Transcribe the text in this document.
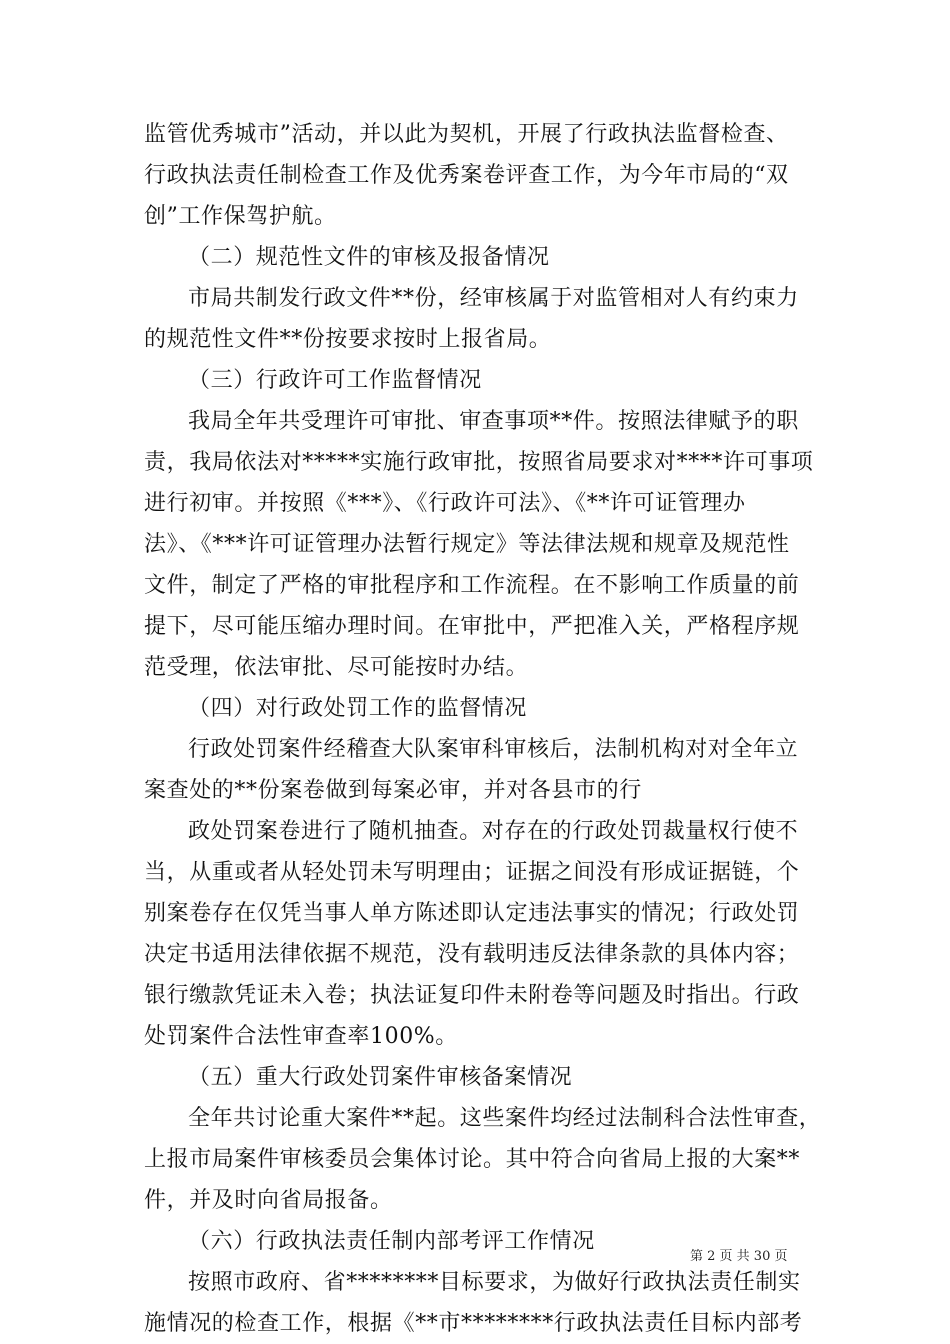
监管优秀城市”活动，并以此为契机，开展了行政执法监督检查、
行政执法责任制检查工作及优秀案卷评查工作，为今年市局的“双
创”工作保驾护航。
（二）规范性文件的审核及报备情况
市局共制发行政文件**份，经审核属于对监管相对人有约束力
的规范性文件**份按要求按时上报省局。
（三）行政许可工作监督情况
我局全年共受理许可审批、审查事项**件。按照法律赋予的职
责，我局依法对*****实施行政审批，按照省局要求对****许可事项
进行初审。并按照《***》、《行政许可法》、《**许可证管理办
法》、《***许可证管理办法暂行规定》等法律法规和规章及规范性
文件，制定了严格的审批程序和工作流程。在不影响工作质量的前
提下，尽可能压缩办理时间。在审批中，严把准入关，严格程序规
范受理，依法审批、尽可能按时办结。
（四）对行政处罚工作的监督情况
行政处罚案件经稽查大队案审科审核后，法制机构对对全年立
案查处的**份案卷做到每案必审，并对各县市的行
政处罚案卷进行了随机抽查。对存在的行政处罚裁量权行使不
当，从重或者从轻处罚未写明理由；证据之间没有形成证据链，个
别案卷存在仅凭当事人单方陈述即认定违法事实的情况；行政处罚
决定书适用法律依据不规范，没有载明违反法律条款的具体内容；
银行缴款凭证未入卷；执法证复印件未附卷等问题及时指出。行政
处罚案件合法性审查率100%。
（五）重大行政处罚案件审核备案情况
全年共讨论重大案件**起。这些案件均经过法制科合法性审查，
上报市局案件审核委员会集体讨论。其中符合向省局上报的大案**
件，并及时向省局报备。
（六）行政执法责任制内部考评工作情况
按照市政府、省********目标要求，为做好行政执法责任制实
施情况的检查工作，根据《**市********行政执法责任目标内部考
第 2 页 共 30 页
